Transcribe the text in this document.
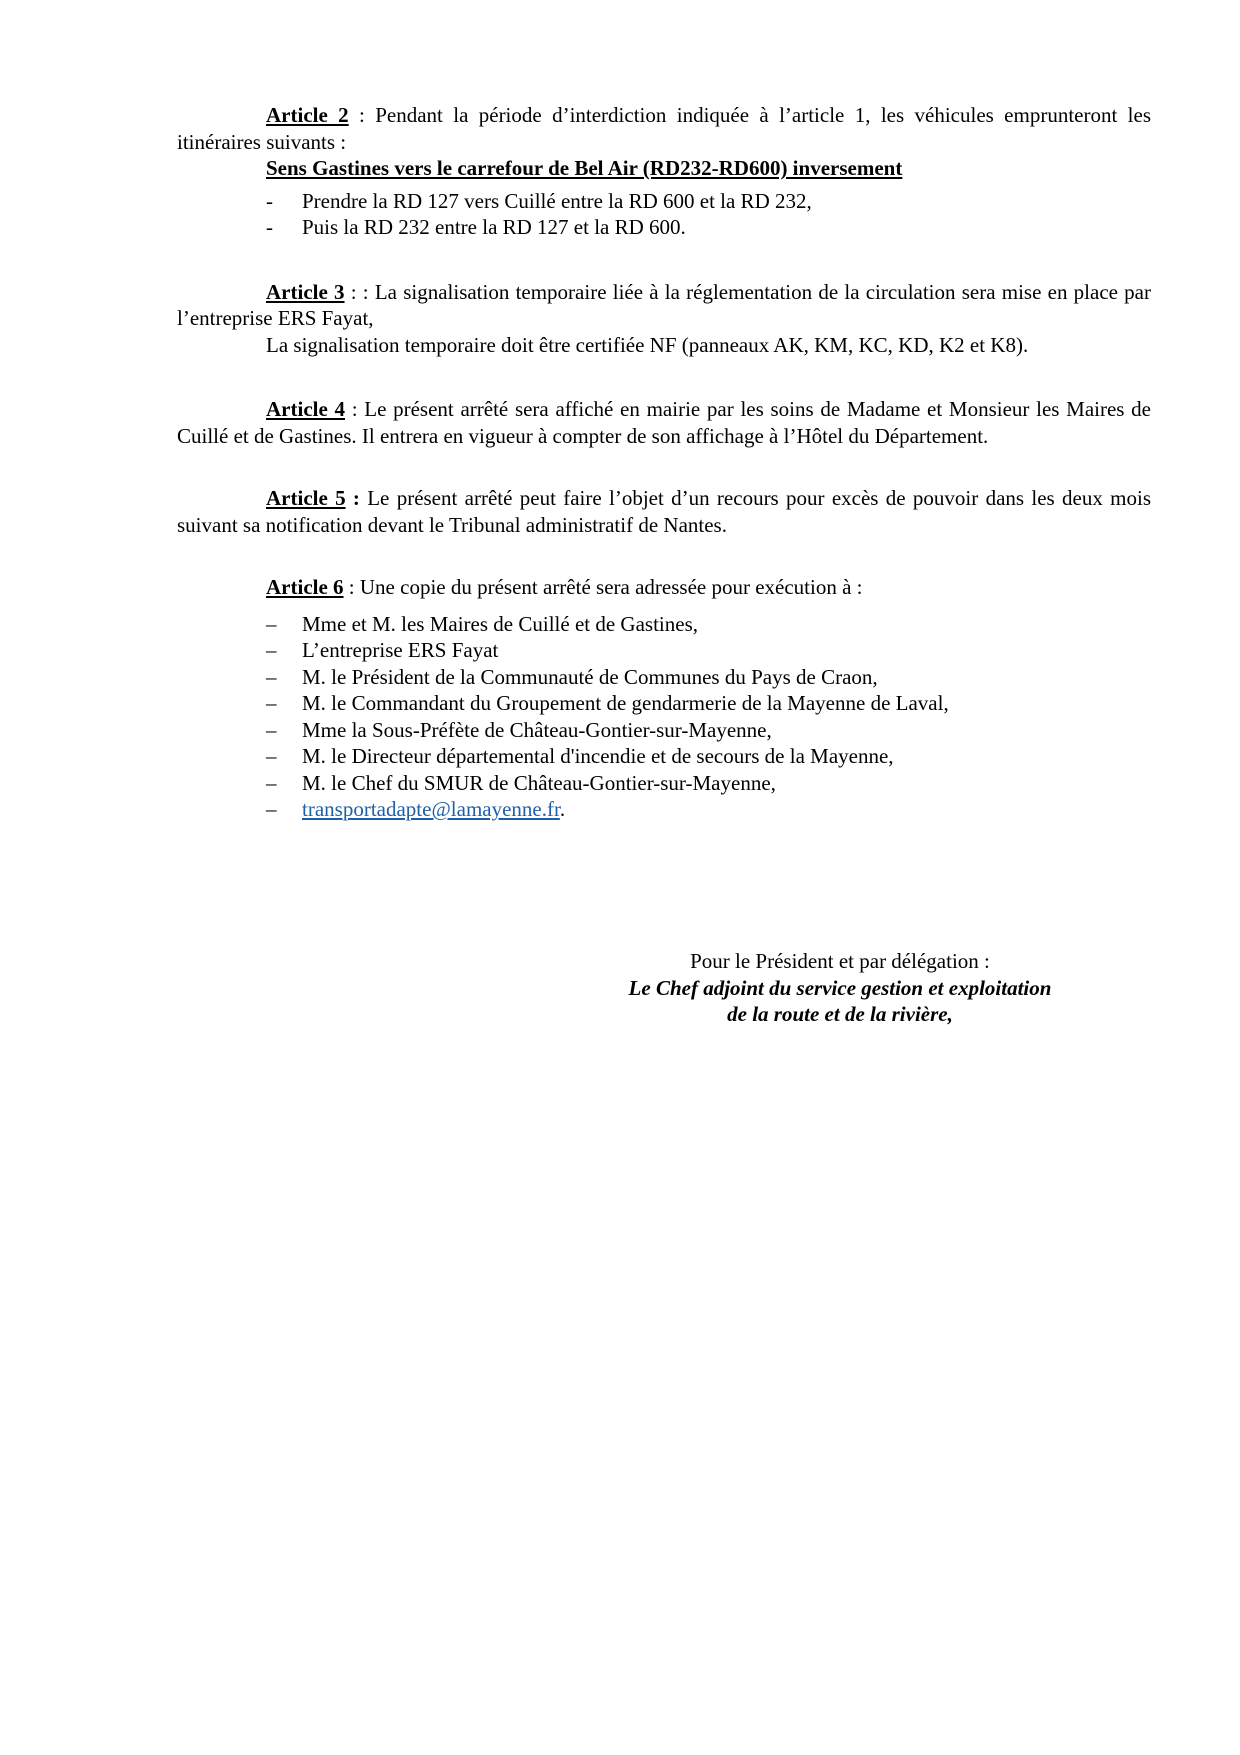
Article 2 : Pendant la période d’interdiction indiquée à l’article 1, les véhicules emprunteront les itinéraires suivants :

Sens Gastines vers le carrefour de Bel Air (RD232-RD600) inversement

- Prendre la RD 127 vers Cuillé entre la RD 600 et la RD 232,
- Puis la RD 232 entre la RD 127 et la RD 600.

Article 3 : : La signalisation temporaire liée à la réglementation de la circulation sera mise en place par l’entreprise ERS Fayat,

La signalisation temporaire doit être certifiée NF (panneaux AK, KM, KC, KD, K2 et K8).

Article 4 : Le présent arrêté sera affiché en mairie par les soins de Madame et Monsieur les Maires de Cuillé et de Gastines. Il entrera en vigueur à compter de son affichage à l’Hôtel du Département.

Article 5 : Le présent arrêté peut faire l’objet d’un recours pour excès de pouvoir dans les deux mois suivant sa notification devant le Tribunal administratif de Nantes.

Article 6 : Une copie du présent arrêté sera adressée pour exécution à :

– Mme et M. les Maires de Cuillé et de Gastines,
– L’entreprise ERS Fayat
– M. le Président de la Communauté de Communes du Pays de Craon,
– M. le Commandant du Groupement de gendarmerie de la Mayenne de Laval,
– Mme la Sous-Préfète de Château-Gontier-sur-Mayenne,
– M. le Directeur départemental d'incendie et de secours de la Mayenne,
– M. le Chef du SMUR de Château-Gontier-sur-Mayenne,
– transportadapte@lamayenne.fr.
Pour le Président et par délégation :
Le Chef adjoint du service gestion et exploitation
de la route et de la rivière,
